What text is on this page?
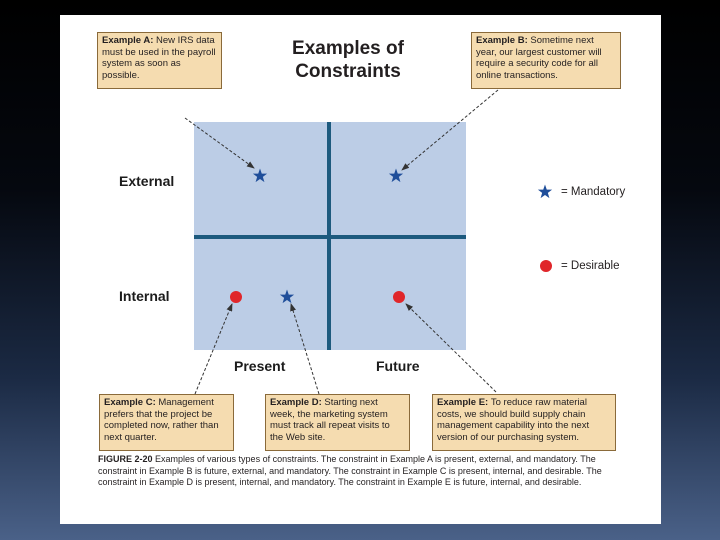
Examples of
Constraints
Example A: New IRS data must be used in the payroll system as soon as possible.
Example B: Sometime next year, our largest customer will require a security code for all online transactions.
Example C: Management prefers that the project be completed now, rather than next quarter.
Example D: Starting next week, the marketing system must track all repeat visits to the Web site.
Example E: To reduce raw material costs, we should build supply chain management capability into the next version of our purchasing system.
External
Internal
Present	Future
= Mandatory
= Desirable
FIGURE 2-20 Examples of various types of constraints. The constraint in Example A is present, external, and mandatory. The constraint in Example B is future, external, and mandatory. The constraint in Example C is present, internal, and desirable. The constraint in Example D is present, internal, and mandatory. The constraint in Example E is future, internal, and desirable.
